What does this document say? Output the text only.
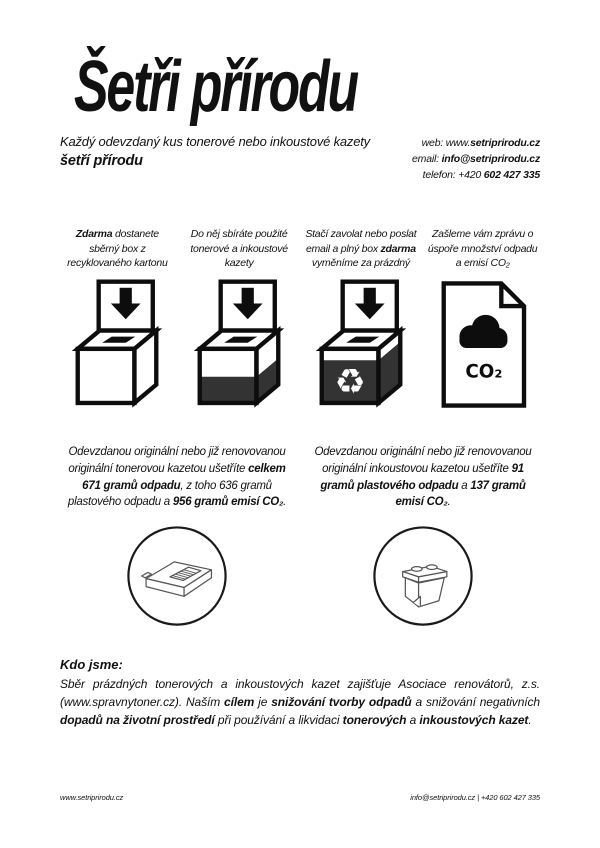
Šetři přírodu
Každý odevzdaný kus tonerové nebo inkoustové kazety
šetří přírodu
web: www.setriprirodu.cz
email: info@setriprirodu.cz
telefon: +420 602 427 335
Zdarma dostanete sběrný box z recyklovaného kartonu
Do něj sbíráte použité tonerové a inkoustové kazety
Stačí zavolat nebo poslat email a plný box zdarma vyměníme za prázdný
♻
Zašleme vám zprávu o úspoře množství odpadu a emisí CO₂
CO₂
Odevzdanou originální nebo již renovovanou originální tonerovou kazetou ušetříte celkem 671 gramů odpadu, z toho 636 gramů plastového odpadu a 956 gramů emisí CO₂.
Odevzdanou originální nebo již renovovanou originální inkoustovou kazetou ušetříte 91 gramů plastového odpadu a 137 gramů emisí CO₂.
Kdo jsme:

Sběr prázdných tonerových a inkoustových kazet zajišťuje Asociace renovátorů, z.s. (www.spravnytoner.cz). Naším cílem je snižování tvorby odpadů a snižování negativních dopadů na životní prostředí při používání a likvidaci tonerových a inkoustových kazet.

www.setriprirodu.cz	info@setriprirodu.cz | +420 602 427 335
